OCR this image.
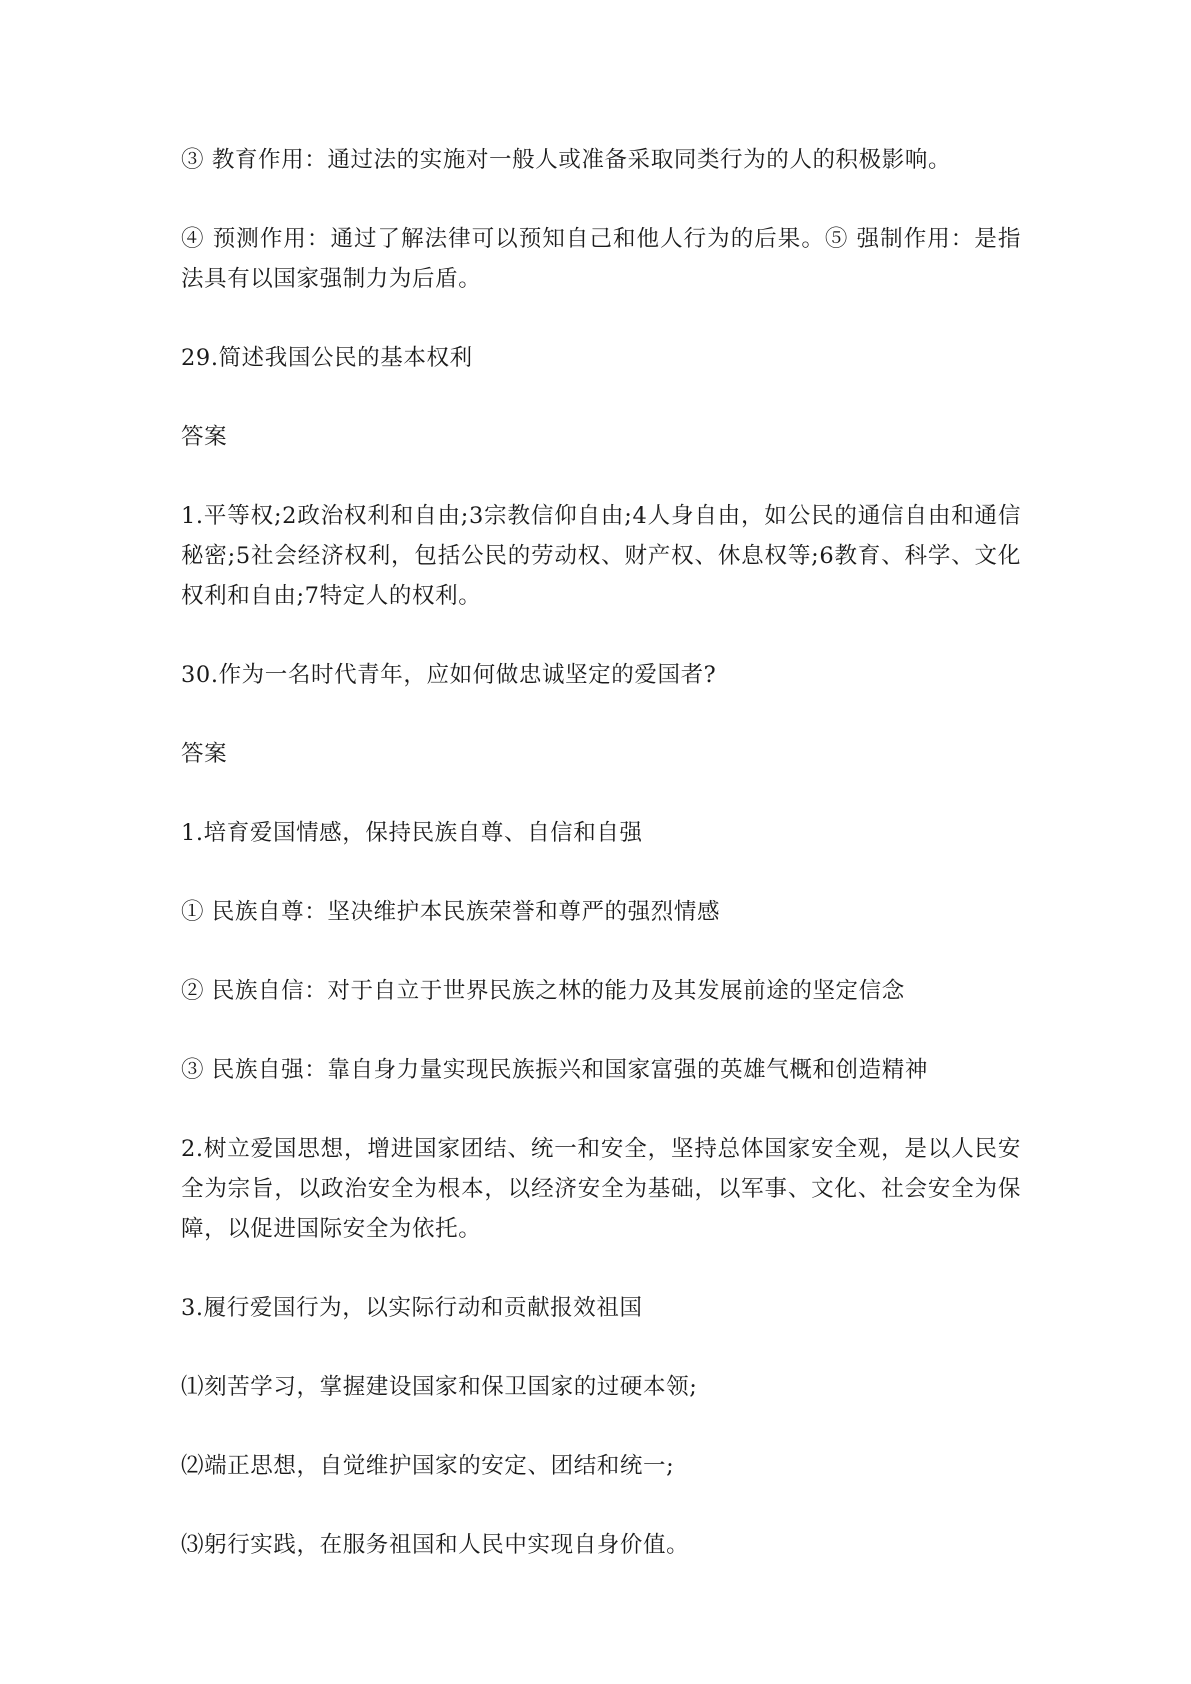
③ 教育作用：通过法的实施对一般人或准备采取同类行为的人的积极影响。

④ 预测作用：通过了解法律可以预知自己和他人行为的后果。⑤ 强制作用：是指法具有以国家强制力为后盾。

29.简述我国公民的基本权利

答案

1.平等权;2政治权利和自由;3宗教信仰自由;4人身自由，如公民的通信自由和通信秘密;5社会经济权利，包括公民的劳动权、财产权、休息权等;6教育、科学、文化权利和自由;7特定人的权利。

30.作为一名时代青年，应如何做忠诚坚定的爱国者?

答案

1.培育爱国情感，保持民族自尊、自信和自强

① 民族自尊：坚决维护本民族荣誉和尊严的强烈情感

② 民族自信：对于自立于世界民族之林的能力及其发展前途的坚定信念

③ 民族自强：靠自身力量实现民族振兴和国家富强的英雄气概和创造精神

2.树立爱国思想，增进国家团结、统一和安全，坚持总体国家安全观，是以人民安全为宗旨，以政治安全为根本，以经济安全为基础，以军事、文化、社会安全为保障，以促进国际安全为依托。

3.履行爱国行为，以实际行动和贡献报效祖国

⑴刻苦学习，掌握建设国家和保卫国家的过硬本领;

⑵端正思想，自觉维护国家的安定、团结和统一;

⑶躬行实践，在服务祖国和人民中实现自身价值。
